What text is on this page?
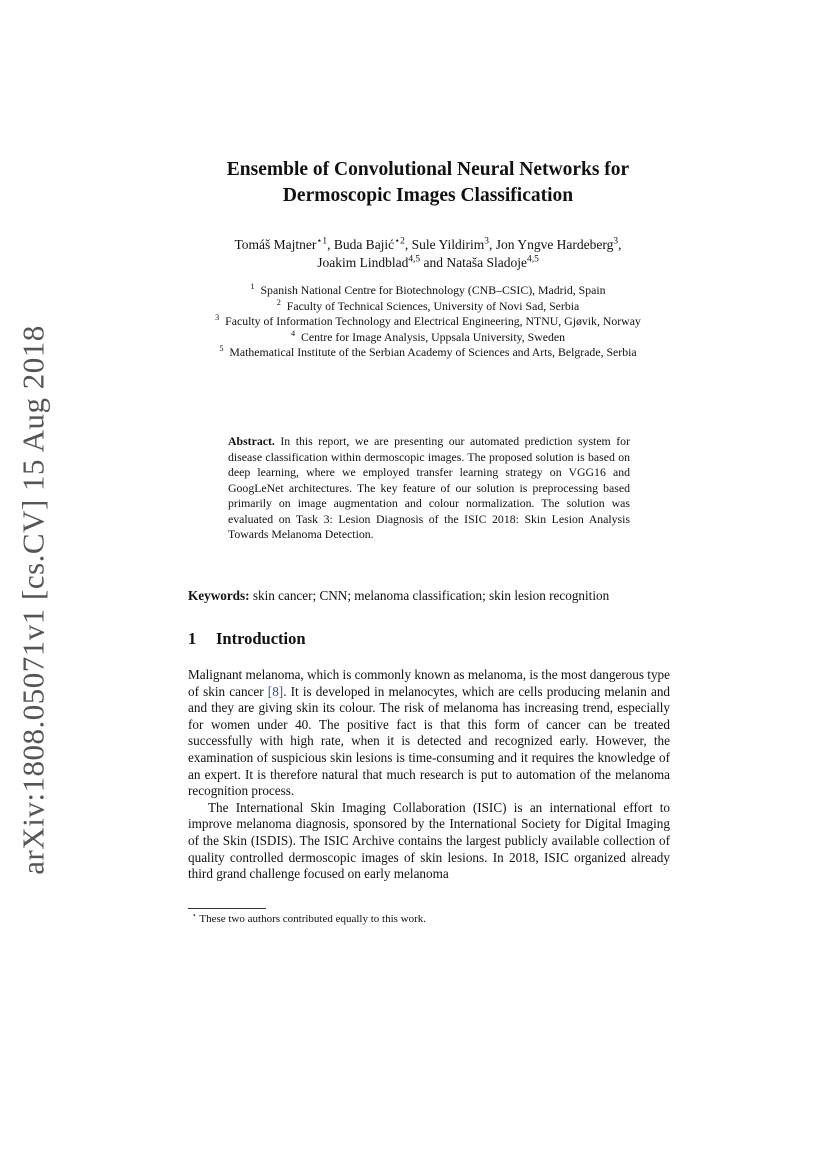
arXiv:1808.05071v1 [cs.CV] 15 Aug 2018
Ensemble of Convolutional Neural Networks for
Dermoscopic Images Classification
Tomáš Majtner$^{⋆1}$, Buda Bajić$^{⋆2}$, Sule Yildirim$^3$, Jon Yngve Hardeberg$^3$,
Joakim Lindblad$^{4,5}$ and Nataša Sladoje$^{4,5}$
$^1$ Spanish National Centre for Biotechnology (CNB–CSIC), Madrid, Spain
$^2$ Faculty of Technical Sciences, University of Novi Sad, Serbia
$^3$ Faculty of Information Technology and Electrical Engineering, NTNU, Gjøvik, Norway
$^4$ Centre for Image Analysis, Uppsala University, Sweden
$^5$ Mathematical Institute of the Serbian Academy of Sciences and Arts, Belgrade, Serbia
Abstract. In this report, we are presenting our automated prediction system for disease classification within dermoscopic images. The proposed solution is based on deep learning, where we employed transfer learning strategy on VGG16 and GoogLeNet architectures. The key feature of our solution is preprocessing based primarily on image augmentation and colour normalization. The solution was evaluated on Task 3: Lesion Diagnosis of the ISIC 2018: Skin Lesion Analysis Towards Melanoma Detection.
Keywords: skin cancer; CNN; melanoma classification; skin lesion recognition
1 Introduction

Malignant melanoma, which is commonly known as melanoma, is the most dangerous type of skin cancer [8]. It is developed in melanocytes, which are cells producing melanin and and they are giving skin its colour. The risk of melanoma has increasing trend, especially for women under 40. The positive fact is that this form of cancer can be treated successfully with high rate, when it is detected and recognized early. However, the examination of suspicious skin lesions is time-consuming and it requires the knowledge of an expert. It is therefore natural that much research is put to automation of the melanoma recognition process.

The International Skin Imaging Collaboration (ISIC) is an international effort to improve melanoma diagnosis, sponsored by the International Society for Digital Imaging of the Skin (ISDIS). The ISIC Archive contains the largest publicly available collection of quality controlled dermoscopic images of skin lesions. In 2018, ISIC organized already third grand challenge focused on early melanoma

⋆ These two authors contributed equally to this work.
